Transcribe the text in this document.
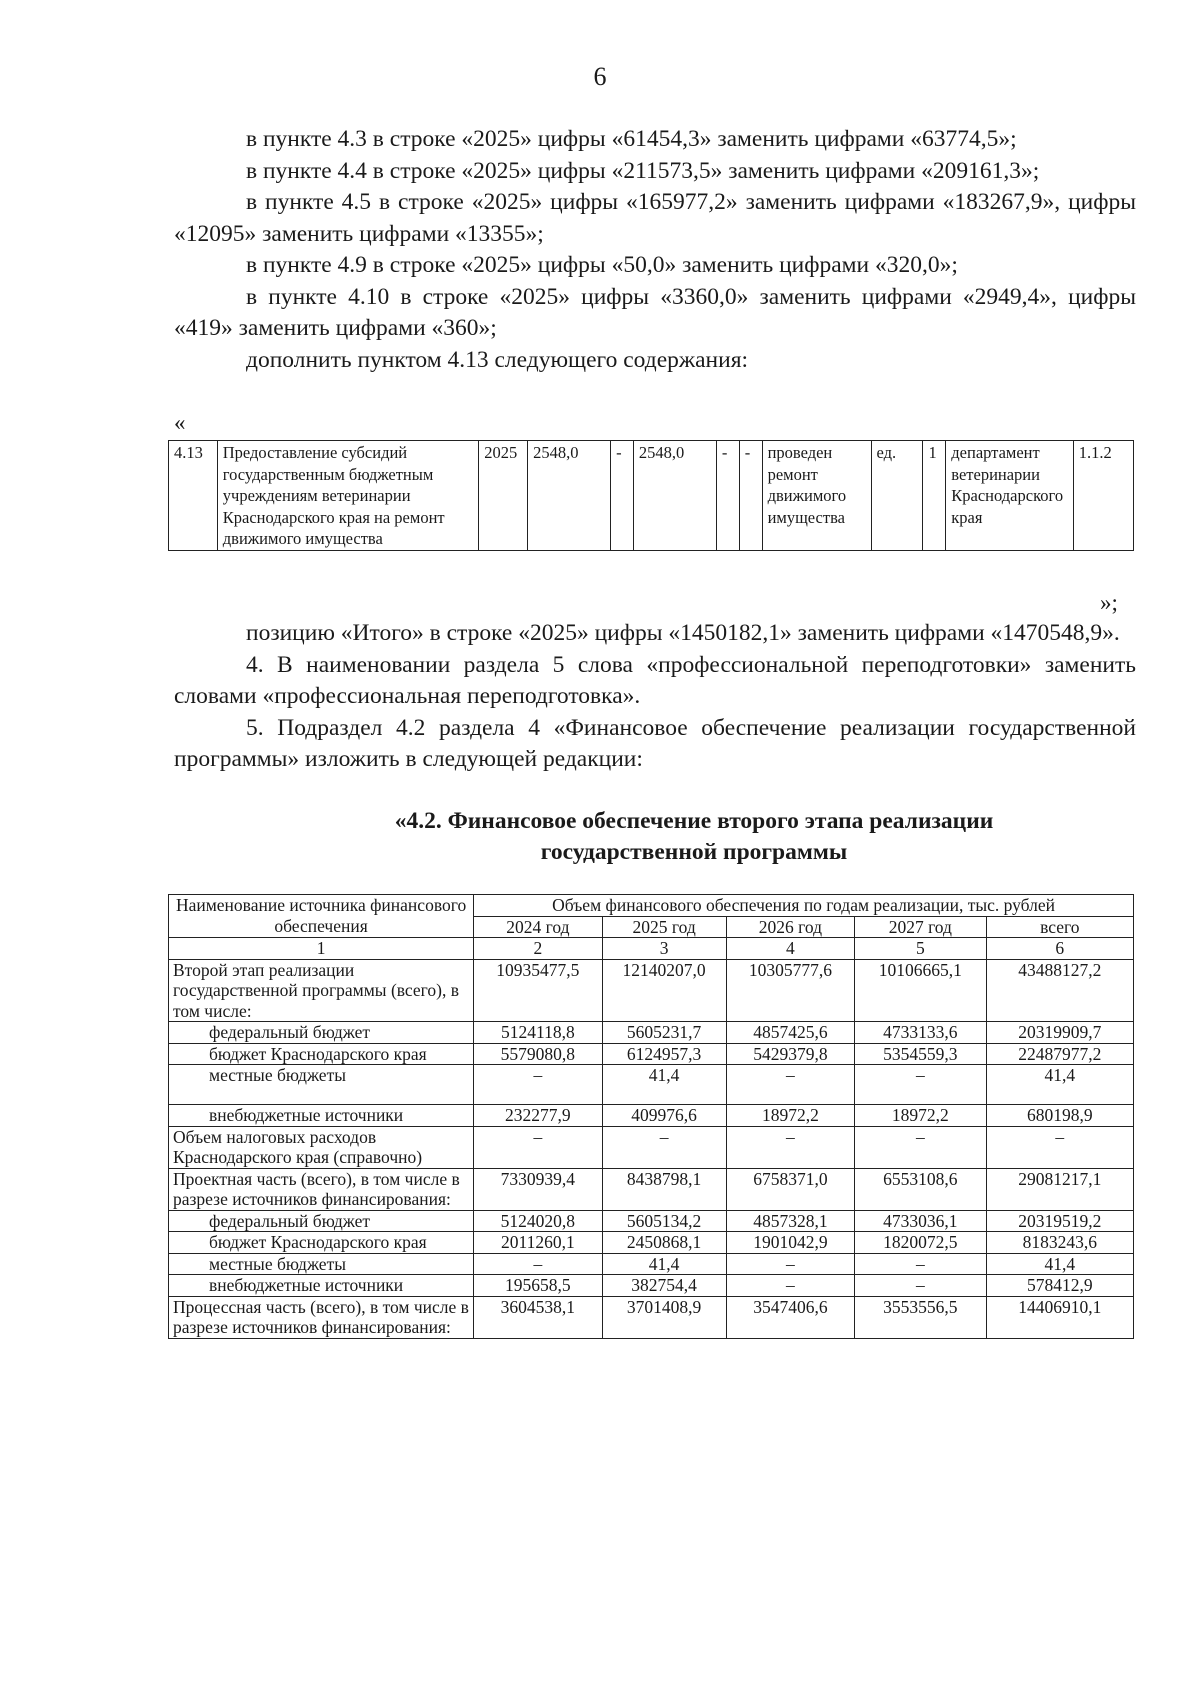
6

в пункте 4.3 в строке «2025» цифры «61454,3» заменить цифрами «63774,5»;

в пункте 4.4 в строке «2025» цифры «211573,5» заменить цифрами «209161,3»;

в пункте 4.5 в строке «2025» цифры «165977,2» заменить цифрами «183267,9», цифры «12095» заменить цифрами «13355»;

в пункте 4.9 в строке «2025» цифры «50,0» заменить цифрами «320,0»;

в пункте 4.10 в строке «2025» цифры «3360,0» заменить цифрами «2949,4», цифры «419» заменить цифрами «360»;

дополнить пунктом 4.13 следующего содержания:

«
4.13	Предоставление субсидий государственным бюджетным учреждениям ветеринарии Краснодарского края на ремонт движимого имущества	2025	2548,0	-	2548,0	-	-	проведен ремонт движимого имущества	ед.	1	департамент ветеринарии Краснодарского края	1.1.2
»;

позицию «Итого» в строке «2025» цифры «1450182,1» заменить цифрами «1470548,9».

4. В наименовании раздела 5 слова «профессиональной переподготовки» заменить словами «профессиональная переподготовка».

5. Подраздел 4.2 раздела 4 «Финансовое обеспечение реализации государственной программы» изложить в следующей редакции:

«4.2. Финансовое обеспечение второго этапа реализации
государственной программы
Наименование источника финансового обеспечения	Объем финансового обеспечения по годам реализации, тыс. рублей				
	2024 год	2025 год	2026 год	2027 год	всего
1	2	3	4	5	6
Второй этап реализации государственной программы (всего), в том числе:	10935477,5	12140207,0	10305777,6	10106665,1	43488127,2
федеральный бюджет	5124118,8	5605231,7	4857425,6	4733133,6	20319909,7
бюджет Краснодарского края	5579080,8	6124957,3	5429379,8	5354559,3	22487977,2
местные бюджеты	–	41,4	–	–	41,4
внебюджетные источники	232277,9	409976,6	18972,2	18972,2	680198,9
Объем налоговых расходов Краснодарского края (справочно)	–	–	–	–	–
Проектная часть (всего), в том числе в разрезе источников финансирования:	7330939,4	8438798,1	6758371,0	6553108,6	29081217,1
федеральный бюджет	5124020,8	5605134,2	4857328,1	4733036,1	20319519,2
бюджет Краснодарского края	2011260,1	2450868,1	1901042,9	1820072,5	8183243,6
местные бюджеты	–	41,4	–	–	41,4
внебюджетные источники	195658,5	382754,4	–	–	578412,9
Процессная часть (всего), в том числе в разрезе источников финансирования:	3604538,1	3701408,9	3547406,6	3553556,5	14406910,1
